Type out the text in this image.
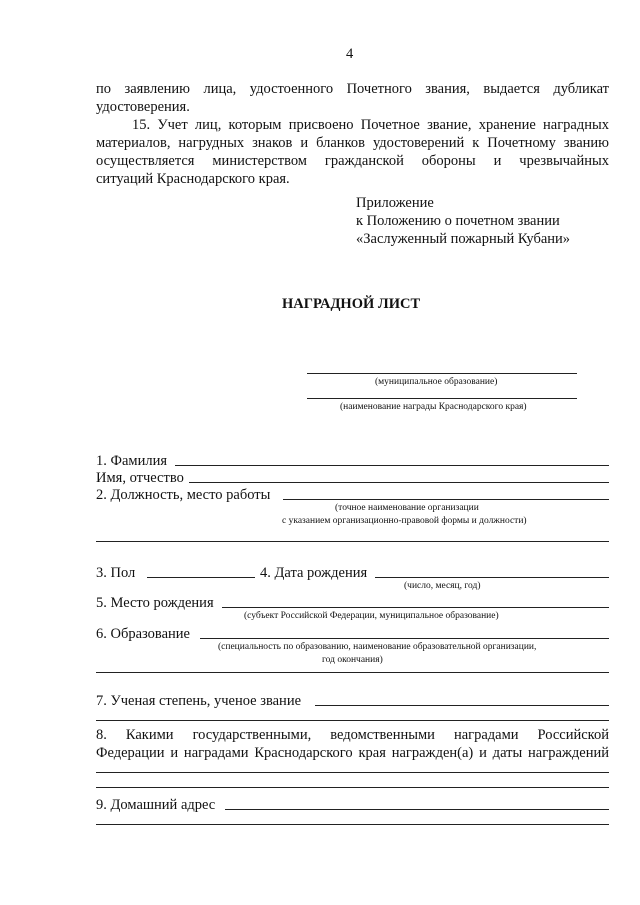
4
по заявлению лица, удостоенного Почетного звания, выдается дубликат
удостоверения.
15. Учет лиц, которым присвоено Почетное звание, хранение наградных
материалов, нагрудных знаков и бланков удостоверений к Почетному званию
осуществляется министерством гражданской обороны и чрезвычайных
ситуаций Краснодарского края.
Приложение
к Положению о почетном звании
«Заслуженный пожарный Кубани»
НАГРАДНОЙ ЛИСТ
(муниципальное образование)
(наименование награды Краснодарского края)
1. Фамилия
Имя, отчество
2. Должность, место работы
(точное наименование организации
с указанием организационно-правовой формы и должности)
3. Пол	4. Дата рождения
(число, месяц, год)
5. Место рождения
(субъект Российской Федерации, муниципальное образование)
6. Образование
(специальность по образованию, наименование образовательной организации,
год окончания)
7. Ученая степень, ученое звание
8. Какими государственными, ведомственными наградами Российской
Федерации и наградами Краснодарского края награжден(а) и даты награждений
9. Домашний адрес
